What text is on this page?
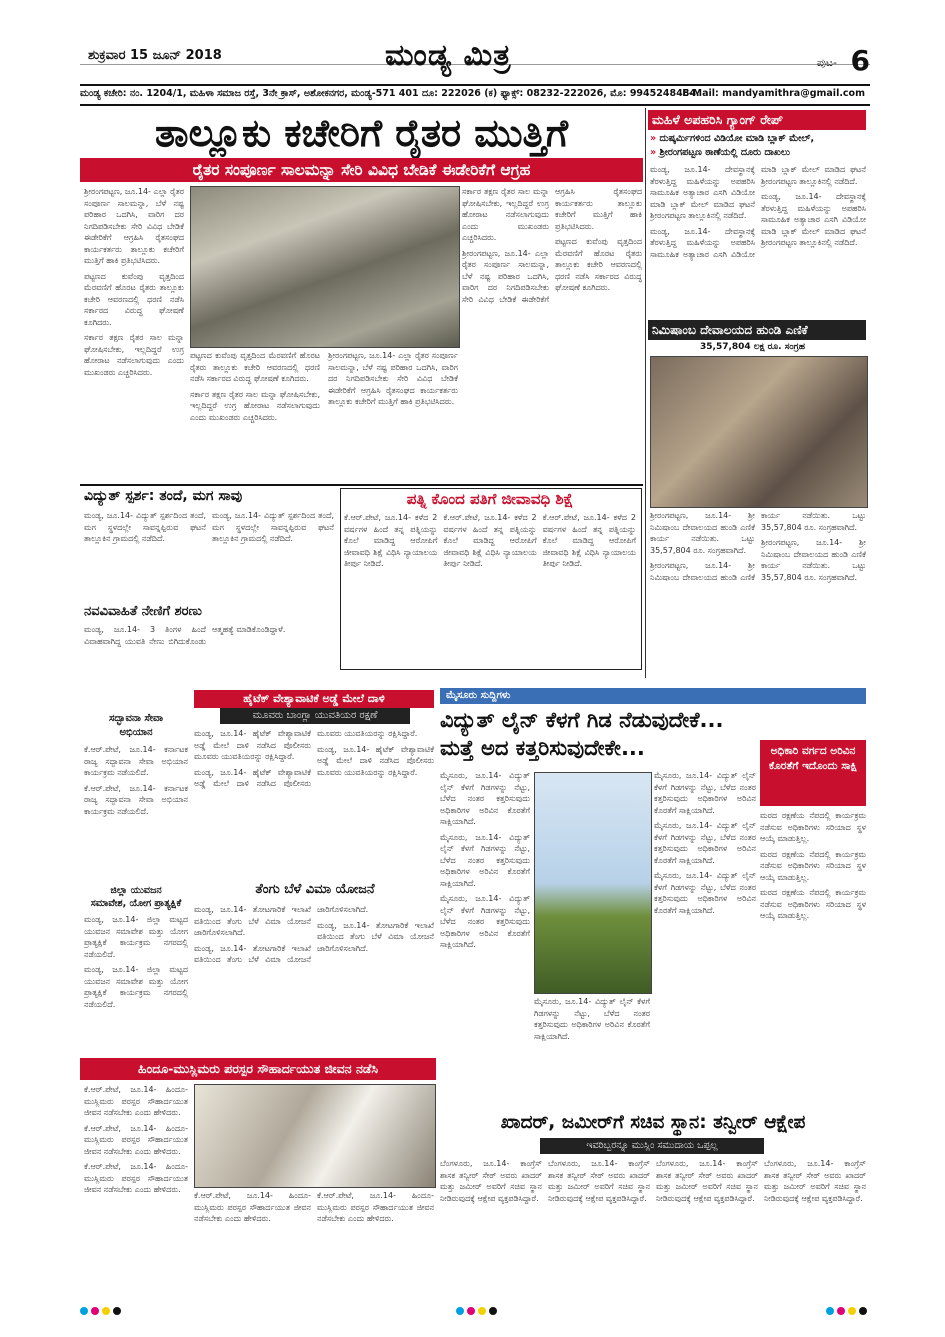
ಶುಕ್ರವಾರ 15 ಜೂನ್ 2018	ಮಂಡ್ಯ ಮಿತ್ರ	ಪುಟ- 6
ಮಂಡ್ಯ ಕಚೇರಿ: ನಂ. 1204/1, ಮಹಿಳಾ ಸಮಾಜ ರಸ್ತೆ, 3ನೇ ಕ್ರಾಸ್, ಅಶೋಕನಗರ, ಮಂಡ್ಯ-571 401 ದೂ: 222026 (ಕ) ಫ್ಯಾಕ್ಸ್: 08232-222026, ಮೊ: 9945248484.
E-Mail: mandyamithra@gmail.com
ತಾಲ್ಲೂಕು ಕಚೇರಿಗೆ ರೈತರ ಮುತ್ತಿಗೆ
ರೈತರ ಸಂಪೂರ್ಣ ಸಾಲಮನ್ನಾ ಸೇರಿ ವಿವಿಧ ಬೇಡಿಕೆ ಈಡೇರಿಕೆಗೆ ಆಗ್ರಹ

ಶ್ರೀರಂಗಪಟ್ಟಣ, ಜೂ.14- ಎಲ್ಲಾ ರೈತರ ಸಂಪೂರ್ಣ ಸಾಲಮನ್ನಾ, ಬೆಳೆ ನಷ್ಟ ಪರಿಹಾರ ಒದಗಿಸಿ, ವಾರಿಗ ದರ ನಿಗದಿಪಡಿಸಬೇಕು ಸೇರಿ ವಿವಿಧ ಬೇಡಿಕೆ ಈಡೇರಿಕೆಗೆ ಆಗ್ರಹಿಸಿ ರೈತಸಂಘದ ಕಾರ್ಯಕರ್ತರು ತಾಲ್ಲೂಕು ಕಚೇರಿಗೆ ಮುತ್ತಿಗೆ ಹಾಕಿ ಪ್ರತಿಭಟಿಸಿದರು.

ಪಟ್ಟಣದ ಕುವೆಂಪು ವೃತ್ತದಿಂದ ಮೆರವಣಿಗೆ ಹೊರಟ ರೈತರು ತಾಲ್ಲೂಕು ಕಚೇರಿ ಆವರಣದಲ್ಲಿ ಧರಣಿ ನಡೆಸಿ ಸರ್ಕಾರದ ವಿರುದ್ಧ ಘೋಷಣೆ ಕೂಗಿದರು.

ಸರ್ಕಾರ ತಕ್ಷಣ ರೈತರ ಸಾಲ ಮನ್ನಾ ಘೋಷಿಸಬೇಕು, ಇಲ್ಲದಿದ್ದರೆ ಉಗ್ರ ಹೋರಾಟ ನಡೆಸಲಾಗುವುದು ಎಂದು ಮುಖಂಡರು ಎಚ್ಚರಿಸಿದರು.

ಪಟ್ಟಣದ ಕುವೆಂಪು ವೃತ್ತದಿಂದ ಮೆರವಣಿಗೆ ಹೊರಟ ರೈತರು ತಾಲ್ಲೂಕು ಕಚೇರಿ ಆವರಣದಲ್ಲಿ ಧರಣಿ ನಡೆಸಿ ಸರ್ಕಾರದ ವಿರುದ್ಧ ಘೋಷಣೆ ಕೂಗಿದರು.

ಸರ್ಕಾರ ತಕ್ಷಣ ರೈತರ ಸಾಲ ಮನ್ನಾ ಘೋಷಿಸಬೇಕು, ಇಲ್ಲದಿದ್ದರೆ ಉಗ್ರ ಹೋರಾಟ ನಡೆಸಲಾಗುವುದು ಎಂದು ಮುಖಂಡರು ಎಚ್ಚರಿಸಿದರು.

ಶ್ರೀರಂಗಪಟ್ಟಣ, ಜೂ.14- ಎಲ್ಲಾ ರೈತರ ಸಂಪೂರ್ಣ ಸಾಲಮನ್ನಾ, ಬೆಳೆ ನಷ್ಟ ಪರಿಹಾರ ಒದಗಿಸಿ, ವಾರಿಗ ದರ ನಿಗದಿಪಡಿಸಬೇಕು ಸೇರಿ ವಿವಿಧ ಬೇಡಿಕೆ ಈಡೇರಿಕೆಗೆ ಆಗ್ರಹಿಸಿ ರೈತಸಂಘದ ಕಾರ್ಯಕರ್ತರು ತಾಲ್ಲೂಕು ಕಚೇರಿಗೆ ಮುತ್ತಿಗೆ ಹಾಕಿ ಪ್ರತಿಭಟಿಸಿದರು.

ಸರ್ಕಾರ ತಕ್ಷಣ ರೈತರ ಸಾಲ ಮನ್ನಾ ಘೋಷಿಸಬೇಕು, ಇಲ್ಲದಿದ್ದರೆ ಉಗ್ರ ಹೋರಾಟ ನಡೆಸಲಾಗುವುದು ಎಂದು ಮುಖಂಡರು ಎಚ್ಚರಿಸಿದರು.

ಶ್ರೀರಂಗಪಟ್ಟಣ, ಜೂ.14- ಎಲ್ಲಾ ರೈತರ ಸಂಪೂರ್ಣ ಸಾಲಮನ್ನಾ, ಬೆಳೆ ನಷ್ಟ ಪರಿಹಾರ ಒದಗಿಸಿ, ವಾರಿಗ ದರ ನಿಗದಿಪಡಿಸಬೇಕು ಸೇರಿ ವಿವಿಧ ಬೇಡಿಕೆ ಈಡೇರಿಕೆಗೆ ಆಗ್ರಹಿಸಿ ರೈತಸಂಘದ ಕಾರ್ಯಕರ್ತರು ತಾಲ್ಲೂಕು ಕಚೇರಿಗೆ ಮುತ್ತಿಗೆ ಹಾಕಿ ಪ್ರತಿಭಟಿಸಿದರು.

ಪಟ್ಟಣದ ಕುವೆಂಪು ವೃತ್ತದಿಂದ ಮೆರವಣಿಗೆ ಹೊರಟ ರೈತರು ತಾಲ್ಲೂಕು ಕಚೇರಿ ಆವರಣದಲ್ಲಿ ಧರಣಿ ನಡೆಸಿ ಸರ್ಕಾರದ ವಿರುದ್ಧ ಘೋಷಣೆ ಕೂಗಿದರು.

ಮಹಿಳೆ ಅಪಹರಿಸಿ ಗ್ಯಾಂಗ್ ರೇಪ್
» ದುಷ್ಕರ್ಮಿಗಳಿಂದ ವಿಡಿಯೋ ಮಾಡಿ ಬ್ಲಾಕ್ ಮೇಲ್,
» ಶ್ರೀರಂಗಪಟ್ಟಣ ಠಾಣೆಯಲ್ಲಿ ದೂರು ದಾಖಲು

ಮಂಡ್ಯ, ಜೂ.14- ದೇವಸ್ಥಾನಕ್ಕೆ ತೆರಳುತ್ತಿದ್ದ ಮಹಿಳೆಯನ್ನು ಅಪಹರಿಸಿ ಸಾಮೂಹಿಕ ಅತ್ಯಾಚಾರ ಎಸಗಿ ವಿಡಿಯೋ ಮಾಡಿ ಬ್ಲಾಕ್ ಮೇಲ್ ಮಾಡಿದ ಘಟನೆ ಶ್ರೀರಂಗಪಟ್ಟಣ ತಾಲ್ಲೂಕಿನಲ್ಲಿ ನಡೆದಿದೆ.

ಮಂಡ್ಯ, ಜೂ.14- ದೇವಸ್ಥಾನಕ್ಕೆ ತೆರಳುತ್ತಿದ್ದ ಮಹಿಳೆಯನ್ನು ಅಪಹರಿಸಿ ಸಾಮೂಹಿಕ ಅತ್ಯಾಚಾರ ಎಸಗಿ ವಿಡಿಯೋ ಮಾಡಿ ಬ್ಲಾಕ್ ಮೇಲ್ ಮಾಡಿದ ಘಟನೆ ಶ್ರೀರಂಗಪಟ್ಟಣ ತಾಲ್ಲೂಕಿನಲ್ಲಿ ನಡೆದಿದೆ.

ಮಂಡ್ಯ, ಜೂ.14- ದೇವಸ್ಥಾನಕ್ಕೆ ತೆರಳುತ್ತಿದ್ದ ಮಹಿಳೆಯನ್ನು ಅಪಹರಿಸಿ ಸಾಮೂಹಿಕ ಅತ್ಯಾಚಾರ ಎಸಗಿ ವಿಡಿಯೋ ಮಾಡಿ ಬ್ಲಾಕ್ ಮೇಲ್ ಮಾಡಿದ ಘಟನೆ ಶ್ರೀರಂಗಪಟ್ಟಣ ತಾಲ್ಲೂಕಿನಲ್ಲಿ ನಡೆದಿದೆ.

ನಿಮಿಷಾಂಬ ದೇವಾಲಯದ ಹುಂಡಿ ಎಣಿಕೆ
35,57,804 ಲಕ್ಷ ರೂ. ಸಂಗ್ರಹ

ಶ್ರೀರಂಗಪಟ್ಟಣ, ಜೂ.14- ಶ್ರೀ ನಿಮಿಷಾಂಬ ದೇವಾಲಯದ ಹುಂಡಿ ಎಣಿಕೆ ಕಾರ್ಯ ನಡೆಯಿತು. ಒಟ್ಟು 35,57,804 ರೂ. ಸಂಗ್ರಹವಾಗಿದೆ.

ಶ್ರೀರಂಗಪಟ್ಟಣ, ಜೂ.14- ಶ್ರೀ ನಿಮಿಷಾಂಬ ದೇವಾಲಯದ ಹುಂಡಿ ಎಣಿಕೆ ಕಾರ್ಯ ನಡೆಯಿತು. ಒಟ್ಟು 35,57,804 ರೂ. ಸಂಗ್ರಹವಾಗಿದೆ.

ಶ್ರೀರಂಗಪಟ್ಟಣ, ಜೂ.14- ಶ್ರೀ ನಿಮಿಷಾಂಬ ದೇವಾಲಯದ ಹುಂಡಿ ಎಣಿಕೆ ಕಾರ್ಯ ನಡೆಯಿತು. ಒಟ್ಟು 35,57,804 ರೂ. ಸಂಗ್ರಹವಾಗಿದೆ.

ವಿದ್ಯುತ್ ಸ್ಪರ್ಶ: ತಂದೆ, ಮಗ ಸಾವು

ಮಂಡ್ಯ, ಜೂ.14- ವಿದ್ಯುತ್ ಸ್ಪರ್ಶದಿಂದ ತಂದೆ, ಮಗ ಸ್ಥಳದಲ್ಲೇ ಸಾವನ್ನಪ್ಪಿರುವ ಘಟನೆ ತಾಲ್ಲೂಕಿನ ಗ್ರಾಮದಲ್ಲಿ ನಡೆದಿದೆ.

ಮಂಡ್ಯ, ಜೂ.14- ವಿದ್ಯುತ್ ಸ್ಪರ್ಶದಿಂದ ತಂದೆ, ಮಗ ಸ್ಥಳದಲ್ಲೇ ಸಾವನ್ನಪ್ಪಿರುವ ಘಟನೆ ತಾಲ್ಲೂಕಿನ ಗ್ರಾಮದಲ್ಲಿ ನಡೆದಿದೆ.

ಪತ್ನಿ ಕೊಂದ ಪತಿಗೆ ಜೀವಾವಧಿ ಶಿಕ್ಷೆ

ಕೆ.ಆರ್.ಪೇಟೆ, ಜೂ.14- ಕಳೆದ 2 ವರ್ಷಗಳ ಹಿಂದೆ ತನ್ನ ಪತ್ನಿಯನ್ನು ಕೊಲೆ ಮಾಡಿದ್ದ ಆರೋಪಿಗೆ ಜೀವಾವಧಿ ಶಿಕ್ಷೆ ವಿಧಿಸಿ ನ್ಯಾಯಾಲಯ ತೀರ್ಪು ನೀಡಿದೆ.

ಕೆ.ಆರ್.ಪೇಟೆ, ಜೂ.14- ಕಳೆದ 2 ವರ್ಷಗಳ ಹಿಂದೆ ತನ್ನ ಪತ್ನಿಯನ್ನು ಕೊಲೆ ಮಾಡಿದ್ದ ಆರೋಪಿಗೆ ಜೀವಾವಧಿ ಶಿಕ್ಷೆ ವಿಧಿಸಿ ನ್ಯಾಯಾಲಯ ತೀರ್ಪು ನೀಡಿದೆ.

ಕೆ.ಆರ್.ಪೇಟೆ, ಜೂ.14- ಕಳೆದ 2 ವರ್ಷಗಳ ಹಿಂದೆ ತನ್ನ ಪತ್ನಿಯನ್ನು ಕೊಲೆ ಮಾಡಿದ್ದ ಆರೋಪಿಗೆ ಜೀವಾವಧಿ ಶಿಕ್ಷೆ ವಿಧಿಸಿ ನ್ಯಾಯಾಲಯ ತೀರ್ಪು ನೀಡಿದೆ.

ನವವಿವಾಹಿತೆ ನೇಣಿಗೆ ಶರಣು

ಮಂಡ್ಯ, ಜೂ.14- 3 ತಿಂಗಳ ಹಿಂದೆ ವಿವಾಹವಾಗಿದ್ದ ಯುವತಿ ನೇಣು ಬಿಗಿದುಕೊಂಡು ಆತ್ಮಹತ್ಯೆ ಮಾಡಿಕೊಂಡಿದ್ದಾಳೆ.

ಸದ್ಭಾವನಾ ಸೇವಾ
ಅಭಿಯಾನ

ಕೆ.ಆರ್.ಪೇಟೆ, ಜೂ.14- ಕರ್ನಾಟಕ ರಾಜ್ಯ ಸದ್ಭಾವನಾ ಸೇವಾ ಅಭಿಯಾನ ಕಾರ್ಯಕ್ರಮ ನಡೆಯಲಿದೆ.

ಕೆ.ಆರ್.ಪೇಟೆ, ಜೂ.14- ಕರ್ನಾಟಕ ರಾಜ್ಯ ಸದ್ಭಾವನಾ ಸೇವಾ ಅಭಿಯಾನ ಕಾರ್ಯಕ್ರಮ ನಡೆಯಲಿದೆ.

ಜಿಲ್ಲಾ ಯುವಜನ
ಸಮಾವೇಶ, ಯೋಗ ಪ್ರಾತ್ಯಕ್ಷಿಕೆ

ಮಂಡ್ಯ, ಜೂ.14- ಜಿಲ್ಲಾ ಮಟ್ಟದ ಯುವಜನ ಸಮಾವೇಶ ಮತ್ತು ಯೋಗ ಪ್ರಾತ್ಯಕ್ಷಿಕೆ ಕಾರ್ಯಕ್ರಮ ನಗರದಲ್ಲಿ ನಡೆಯಲಿದೆ.

ಮಂಡ್ಯ, ಜೂ.14- ಜಿಲ್ಲಾ ಮಟ್ಟದ ಯುವಜನ ಸಮಾವೇಶ ಮತ್ತು ಯೋಗ ಪ್ರಾತ್ಯಕ್ಷಿಕೆ ಕಾರ್ಯಕ್ರಮ ನಗರದಲ್ಲಿ ನಡೆಯಲಿದೆ.

ಹೈಟೆಕ್ ವೇಶ್ಯಾವಾಟಿಕೆ ಅಡ್ಡೆ ಮೇಲೆ ದಾಳಿ
ಮೂವರು ಬಾಂಗ್ಲಾ ಯುವತಿಯರ ರಕ್ಷಣೆ

ಮಂಡ್ಯ, ಜೂ.14- ಹೈಟೆಕ್ ವೇಶ್ಯಾವಾಟಿಕೆ ಅಡ್ಡೆ ಮೇಲೆ ದಾಳಿ ನಡೆಸಿದ ಪೊಲೀಸರು ಮೂವರು ಯುವತಿಯರನ್ನು ರಕ್ಷಿಸಿದ್ದಾರೆ.

ಮಂಡ್ಯ, ಜೂ.14- ಹೈಟೆಕ್ ವೇಶ್ಯಾವಾಟಿಕೆ ಅಡ್ಡೆ ಮೇಲೆ ದಾಳಿ ನಡೆಸಿದ ಪೊಲೀಸರು ಮೂವರು ಯುವತಿಯರನ್ನು ರಕ್ಷಿಸಿದ್ದಾರೆ.

ಮಂಡ್ಯ, ಜೂ.14- ಹೈಟೆಕ್ ವೇಶ್ಯಾವಾಟಿಕೆ ಅಡ್ಡೆ ಮೇಲೆ ದಾಳಿ ನಡೆಸಿದ ಪೊಲೀಸರು ಮೂವರು ಯುವತಿಯರನ್ನು ರಕ್ಷಿಸಿದ್ದಾರೆ.

ತೆಂಗು ಬೆಳೆ ವಿಮಾ ಯೋಜನೆ

ಮಂಡ್ಯ, ಜೂ.14- ತೋಟಗಾರಿಕೆ ಇಲಾಖೆ ವತಿಯಿಂದ ತೆಂಗು ಬೆಳೆ ವಿಮಾ ಯೋಜನೆ ಜಾರಿಗೊಳಿಸಲಾಗಿದೆ.

ಮಂಡ್ಯ, ಜೂ.14- ತೋಟಗಾರಿಕೆ ಇಲಾಖೆ ವತಿಯಿಂದ ತೆಂಗು ಬೆಳೆ ವಿಮಾ ಯೋಜನೆ ಜಾರಿಗೊಳಿಸಲಾಗಿದೆ.

ಮಂಡ್ಯ, ಜೂ.14- ತೋಟಗಾರಿಕೆ ಇಲಾಖೆ ವತಿಯಿಂದ ತೆಂಗು ಬೆಳೆ ವಿಮಾ ಯೋಜನೆ ಜಾರಿಗೊಳಿಸಲಾಗಿದೆ.

ಮೈಸೂರು ಸುದ್ದಿಗಳು
ವಿದ್ಯುತ್ ಲೈನ್ ಕೆಳಗೆ ಗಿಡ ನೆಡುವುದೇಕೆ...
ಮತ್ತೆ ಅದ ಕತ್ತರಿಸುವುದೇಕೇ...

ಮೈಸೂರು, ಜೂ.14- ವಿದ್ಯುತ್ ಲೈನ್ ಕೆಳಗೆ ಗಿಡಗಳನ್ನು ನೆಟ್ಟು, ಬೆಳೆದ ನಂತರ ಕತ್ತರಿಸುವುದು ಅಧಿಕಾರಿಗಳ ಅರಿವಿನ ಕೊರತೆಗೆ ಸಾಕ್ಷಿಯಾಗಿದೆ.

ಮೈಸೂರು, ಜೂ.14- ವಿದ್ಯುತ್ ಲೈನ್ ಕೆಳಗೆ ಗಿಡಗಳನ್ನು ನೆಟ್ಟು, ಬೆಳೆದ ನಂತರ ಕತ್ತರಿಸುವುದು ಅಧಿಕಾರಿಗಳ ಅರಿವಿನ ಕೊರತೆಗೆ ಸಾಕ್ಷಿಯಾಗಿದೆ.

ಮೈಸೂರು, ಜೂ.14- ವಿದ್ಯುತ್ ಲೈನ್ ಕೆಳಗೆ ಗಿಡಗಳನ್ನು ನೆಟ್ಟು, ಬೆಳೆದ ನಂತರ ಕತ್ತರಿಸುವುದು ಅಧಿಕಾರಿಗಳ ಅರಿವಿನ ಕೊರತೆಗೆ ಸಾಕ್ಷಿಯಾಗಿದೆ.

ಮೈಸೂರು, ಜೂ.14- ವಿದ್ಯುತ್ ಲೈನ್ ಕೆಳಗೆ ಗಿಡಗಳನ್ನು ನೆಟ್ಟು, ಬೆಳೆದ ನಂತರ ಕತ್ತರಿಸುವುದು ಅಧಿಕಾರಿಗಳ ಅರಿವಿನ ಕೊರತೆಗೆ ಸಾಕ್ಷಿಯಾಗಿದೆ.

ಮೈಸೂರು, ಜೂ.14- ವಿದ್ಯುತ್ ಲೈನ್ ಕೆಳಗೆ ಗಿಡಗಳನ್ನು ನೆಟ್ಟು, ಬೆಳೆದ ನಂತರ ಕತ್ತರಿಸುವುದು ಅಧಿಕಾರಿಗಳ ಅರಿವಿನ ಕೊರತೆಗೆ ಸಾಕ್ಷಿಯಾಗಿದೆ.

ಮೈಸೂರು, ಜೂ.14- ವಿದ್ಯುತ್ ಲೈನ್ ಕೆಳಗೆ ಗಿಡಗಳನ್ನು ನೆಟ್ಟು, ಬೆಳೆದ ನಂತರ ಕತ್ತರಿಸುವುದು ಅಧಿಕಾರಿಗಳ ಅರಿವಿನ ಕೊರತೆಗೆ ಸಾಕ್ಷಿಯಾಗಿದೆ.

ಮೈಸೂರು, ಜೂ.14- ವಿದ್ಯುತ್ ಲೈನ್ ಕೆಳಗೆ ಗಿಡಗಳನ್ನು ನೆಟ್ಟು, ಬೆಳೆದ ನಂತರ ಕತ್ತರಿಸುವುದು ಅಧಿಕಾರಿಗಳ ಅರಿವಿನ ಕೊರತೆಗೆ ಸಾಕ್ಷಿಯಾಗಿದೆ.

ಅಧಿಕಾರಿ ವರ್ಗದ ಅರಿವಿನ ಕೊರತೆಗೆ ಇದೊಂದು ಸಾಕ್ಷಿ

ಮರದ ರಕ್ಷಣೆಯ ನೆಪದಲ್ಲಿ ಕಾರ್ಯಕ್ರಮ ನಡೆಸುವ ಅಧಿಕಾರಿಗಳು ಸರಿಯಾದ ಸ್ಥಳ ಆಯ್ಕೆ ಮಾಡುತ್ತಿಲ್ಲ.

ಮರದ ರಕ್ಷಣೆಯ ನೆಪದಲ್ಲಿ ಕಾರ್ಯಕ್ರಮ ನಡೆಸುವ ಅಧಿಕಾರಿಗಳು ಸರಿಯಾದ ಸ್ಥಳ ಆಯ್ಕೆ ಮಾಡುತ್ತಿಲ್ಲ.

ಮರದ ರಕ್ಷಣೆಯ ನೆಪದಲ್ಲಿ ಕಾರ್ಯಕ್ರಮ ನಡೆಸುವ ಅಧಿಕಾರಿಗಳು ಸರಿಯಾದ ಸ್ಥಳ ಆಯ್ಕೆ ಮಾಡುತ್ತಿಲ್ಲ.

ಹಿಂದೂ-ಮುಸ್ಲಿಮರು ಪರಸ್ಪರ ಸೌಹಾರ್ದಯುತ ಜೀವನ ನಡೆಸಿ

ಕೆ.ಆರ್.ಪೇಟೆ, ಜೂ.14- ಹಿಂದೂ-ಮುಸ್ಲಿಮರು ಪರಸ್ಪರ ಸೌಹಾರ್ದಯುತ ಜೀವನ ನಡೆಸಬೇಕು ಎಂದು ಹೇಳಿದರು.

ಕೆ.ಆರ್.ಪೇಟೆ, ಜೂ.14- ಹಿಂದೂ-ಮುಸ್ಲಿಮರು ಪರಸ್ಪರ ಸೌಹಾರ್ದಯುತ ಜೀವನ ನಡೆಸಬೇಕು ಎಂದು ಹೇಳಿದರು.

ಕೆ.ಆರ್.ಪೇಟೆ, ಜೂ.14- ಹಿಂದೂ-ಮುಸ್ಲಿಮರು ಪರಸ್ಪರ ಸೌಹಾರ್ದಯುತ ಜೀವನ ನಡೆಸಬೇಕು ಎಂದು ಹೇಳಿದರು.

ಕೆ.ಆರ್.ಪೇಟೆ, ಜೂ.14- ಹಿಂದೂ-ಮುಸ್ಲಿಮರು ಪರಸ್ಪರ ಸೌಹಾರ್ದಯುತ ಜೀವನ ನಡೆಸಬೇಕು ಎಂದು ಹೇಳಿದರು.

ಕೆ.ಆರ್.ಪೇಟೆ, ಜೂ.14- ಹಿಂದೂ-ಮುಸ್ಲಿಮರು ಪರಸ್ಪರ ಸೌಹಾರ್ದಯುತ ಜೀವನ ನಡೆಸಬೇಕು ಎಂದು ಹೇಳಿದರು.

ಖಾದರ್, ಜಮೀರ್‌ಗೆ ಸಚಿವ ಸ್ಥಾನ: ತನ್ವೀರ್ ಆಕ್ಷೇಪ
ಇವರಿಬ್ಬರನ್ನೂ ಮುಸ್ಲಿಂ ಸಮುದಾಯ ಒಪ್ಪಲ್ಲ

ಬೆಂಗಳೂರು, ಜೂ.14- ಕಾಂಗ್ರೆಸ್ ಶಾಸಕ ತನ್ವೀರ್ ಸೇಠ್ ಅವರು ಖಾದರ್ ಮತ್ತು ಜಮೀರ್ ಅವರಿಗೆ ಸಚಿವ ಸ್ಥಾನ ನೀಡಿರುವುದಕ್ಕೆ ಆಕ್ಷೇಪ ವ್ಯಕ್ತಪಡಿಸಿದ್ದಾರೆ.

ಬೆಂಗಳೂರು, ಜೂ.14- ಕಾಂಗ್ರೆಸ್ ಶಾಸಕ ತನ್ವೀರ್ ಸೇಠ್ ಅವರು ಖಾದರ್ ಮತ್ತು ಜಮೀರ್ ಅವರಿಗೆ ಸಚಿವ ಸ್ಥಾನ ನೀಡಿರುವುದಕ್ಕೆ ಆಕ್ಷೇಪ ವ್ಯಕ್ತಪಡಿಸಿದ್ದಾರೆ.

ಬೆಂಗಳೂರು, ಜೂ.14- ಕಾಂಗ್ರೆಸ್ ಶಾಸಕ ತನ್ವೀರ್ ಸೇಠ್ ಅವರು ಖಾದರ್ ಮತ್ತು ಜಮೀರ್ ಅವರಿಗೆ ಸಚಿವ ಸ್ಥಾನ ನೀಡಿರುವುದಕ್ಕೆ ಆಕ್ಷೇಪ ವ್ಯಕ್ತಪಡಿಸಿದ್ದಾರೆ.

ಬೆಂಗಳೂರು, ಜೂ.14- ಕಾಂಗ್ರೆಸ್ ಶಾಸಕ ತನ್ವೀರ್ ಸೇಠ್ ಅವರು ಖಾದರ್ ಮತ್ತು ಜಮೀರ್ ಅವರಿಗೆ ಸಚಿವ ಸ್ಥಾನ ನೀಡಿರುವುದಕ್ಕೆ ಆಕ್ಷೇಪ ವ್ಯಕ್ತಪಡಿಸಿದ್ದಾರೆ.
